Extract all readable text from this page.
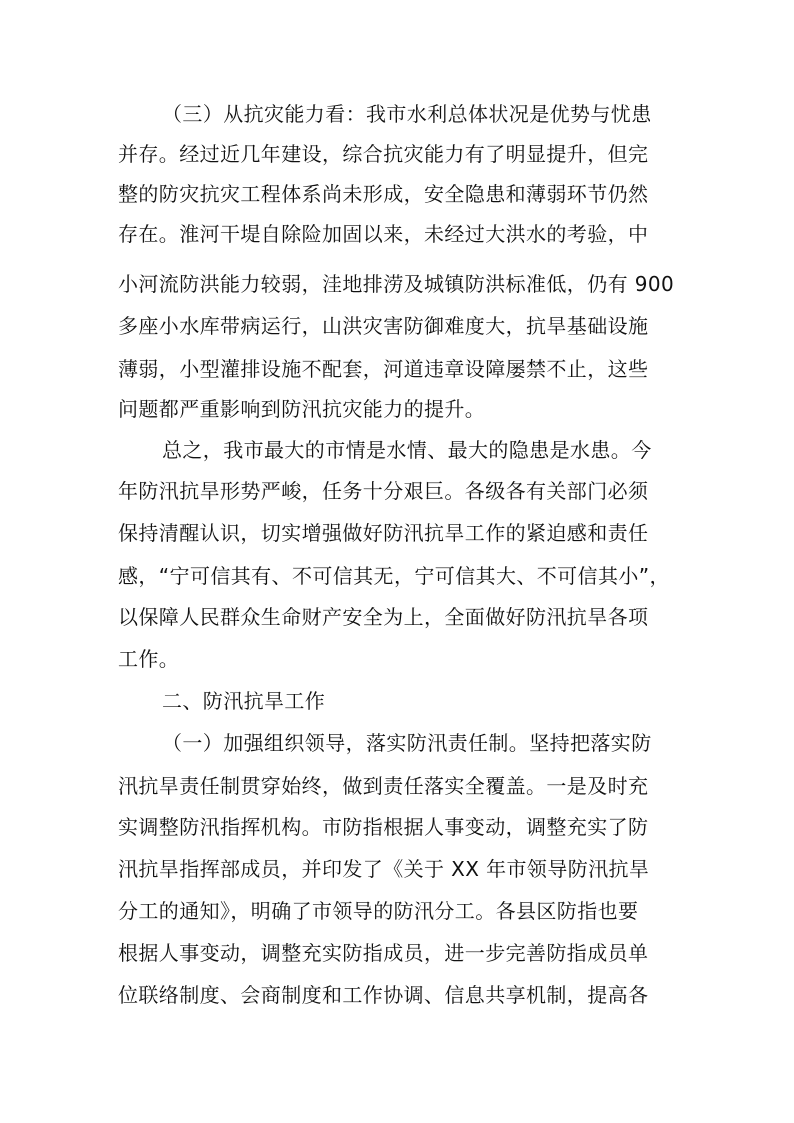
（三）从抗灾能力看：我市水利总体状况是优势与忧患
并存。经过近几年建设，综合抗灾能力有了明显提升，但完
整的防灾抗灾工程体系尚未形成，安全隐患和薄弱环节仍然
存在。淮河干堤自除险加固以来，未经过大洪水的考验，中
小河流防洪能力较弱，洼地排涝及城镇防洪标准低，仍有 900
多座小水库带病运行，山洪灾害防御难度大，抗旱基础设施
薄弱，小型灌排设施不配套，河道违章设障屡禁不止，这些
问题都严重影响到防汛抗灾能力的提升。
总之，我市最大的市情是水情、最大的隐患是水患。今
年防汛抗旱形势严峻，任务十分艰巨。各级各有关部门必须
保持清醒认识，切实增强做好防汛抗旱工作的紧迫感和责任
感，“宁可信其有、不可信其无，宁可信其大、不可信其小”，
以保障人民群众生命财产安全为上，全面做好防汛抗旱各项
工作。
二、防汛抗旱工作
（一）加强组织领导，落实防汛责任制。坚持把落实防
汛抗旱责任制贯穿始终，做到责任落实全覆盖。一是及时充
实调整防汛指挥机构。市防指根据人事变动，调整充实了防
汛抗旱指挥部成员，并印发了《关于 XX 年市领导防汛抗旱
分工的通知》，明确了市领导的防汛分工。各县区防指也要
根据人事变动，调整充实防指成员，进一步完善防指成员单
位联络制度、会商制度和工作协调、信息共享机制，提高各
